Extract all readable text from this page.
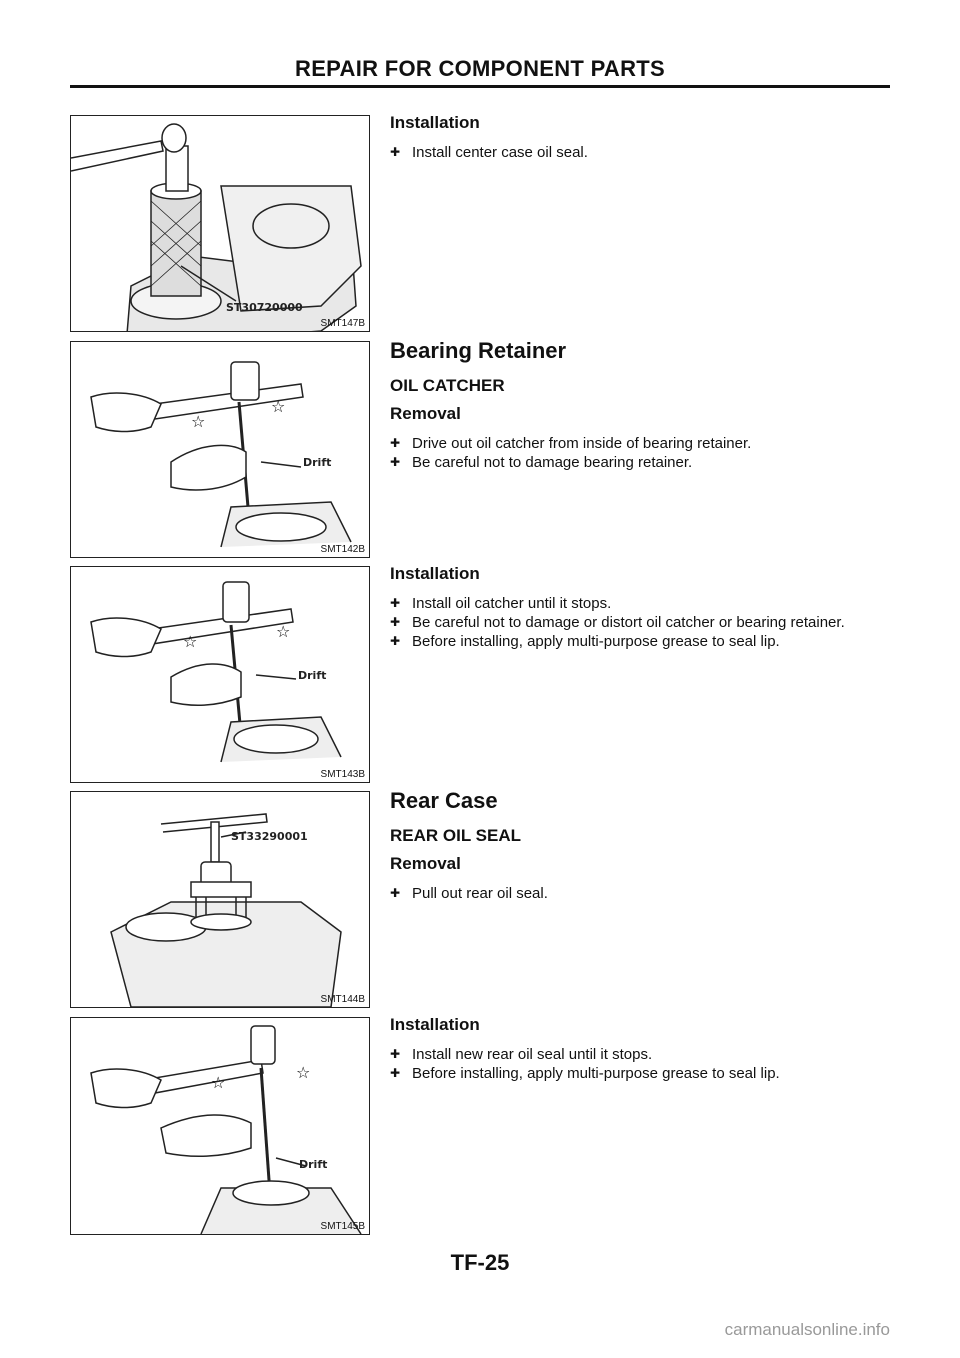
REPAIR FOR COMPONENT PARTS
ST30720000
SMT147B
Drift
☆
☆
SMT142B
Drift
☆
☆
SMT143B
ST33290001
SMT144B
Drift
☆
☆
SMT145B
Installation
✚ Install center case oil seal.
Bearing Retainer
OIL CATCHER
Removal
✚ Drive out oil catcher from inside of bearing retainer.
✚ Be careful not to damage bearing retainer.
Installation
✚ Install oil catcher until it stops.
✚ Be careful not to damage or distort oil catcher or bearing retainer.
✚ Before installing, apply multi-purpose grease to seal lip.
Rear Case
REAR OIL SEAL
Removal
✚ Pull out rear oil seal.
Installation
✚ Install new rear oil seal until it stops.
✚ Before installing, apply multi-purpose grease to seal lip.
TF-25
carmanualsonline.info
